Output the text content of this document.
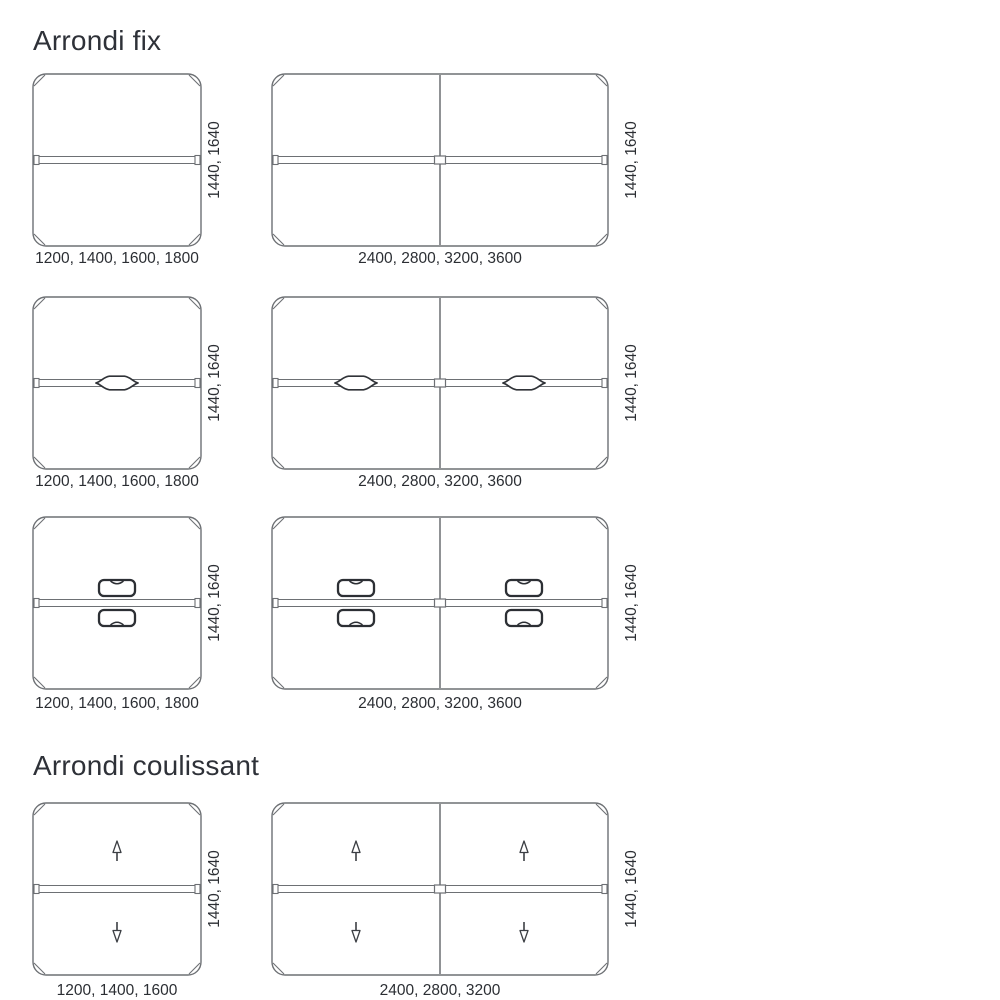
Arrondi fix
1200, 1400, 1600, 1800
1440, 1640
2400, 2800, 3200, 3600
1440, 1640
1200, 1400, 1600, 1800
1440, 1640
2400, 2800, 3200, 3600
1440, 1640
1200, 1400, 1600, 1800
1440, 1640
2400, 2800, 3200, 3600
1440, 1640
Arrondi coulissant
1200, 1400, 1600
1440, 1640
2400, 2800, 3200
1440, 1640
